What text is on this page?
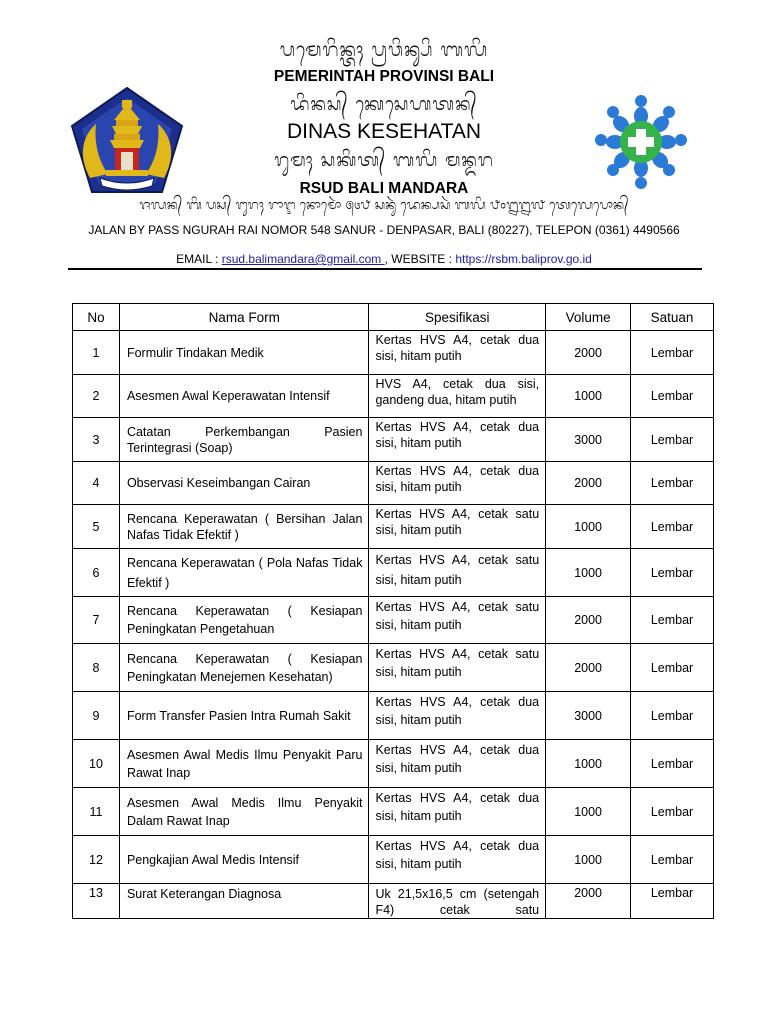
ᬧᬫᬾᬭᬶᬦ᭄ᬢᬄ ᬧ᭄ᬭᬯᬶᬦ᭄ᬲᬶ ᬩᬮᬶ
PEMERINTAH PROVINSI BALI
ᬤᬶᬦᬲ᭄ ᬓᬾᬲᬾᬳᬢᬦ᭄
DINAS KESEHATAN
ᬭᬸᬫᬄ ᬲᬓᬶᬢ᭄ ᬩᬮᬶ ᬫᬦ᭄ᬤᬭ
RSUD BALI MANDARA
ᬚᬮᬦ᭄ ᬩᬶ ᬧᬲ᭄ ᬗᬸᬭᬄ ᬭᬵᬇ ᬦᭀᬫᭀᬃ ᭕᭔᭘ ᬲᬦᬸᬃ ᬤᬾᬦ᭄ᬧᬲᬃ ᬩᬮᬶ ᭘᭐᭒᭒᭗ ᬢᬾᬮᬾᬧᭀᬦ᭄
JALAN BY PASS NGURAH RAI NOMOR 548 SANUR - DENPASAR, BALI (80227), TELEPON (0361) 4490566
EMAIL : rsud.balimandara@gmail.com , WEBSITE : https://rsbm.baliprov.go.id
No	Nama Form	Spesifikasi	Volume	Satuan
1	Formulir Tindakan Medik	Kertas HVS A4, cetak dua sisi, hitam putih	2000	Lembar
2	Asesmen Awal Keperawatan Intensif	HVS A4, cetak dua sisi, gandeng dua, hitam putih	1000	Lembar
3	Catatan Perkembangan Pasien Terintegrasi (Soap)	Kertas HVS A4, cetak dua sisi, hitam putih	3000	Lembar
4	Observasi Keseimbangan Cairan	Kertas HVS A4, cetak dua sisi, hitam putih	2000	Lembar
5	Rencana Keperawatan ( Bersihan Jalan Nafas Tidak Efektif )	Kertas HVS A4, cetak satu sisi, hitam putih	1000	Lembar
6	Rencana Keperawatan ( Pola Nafas Tidak Efektif )	Kertas HVS A4, cetak satu sisi, hitam putih	1000	Lembar
7	Rencana Keperawatan ( Kesiapan Peningkatan Pengetahuan	Kertas HVS A4, cetak satu sisi, hitam putih	2000	Lembar
8	Rencana Keperawatan ( Kesiapan Peningkatan Menejemen Kesehatan)	Kertas HVS A4, cetak satu sisi, hitam putih	2000	Lembar
9	Form Transfer Pasien Intra Rumah Sakit	Kertas HVS A4, cetak dua sisi, hitam putih	3000	Lembar
10	Asesmen Awal Medis Ilmu Penyakit Paru Rawat Inap	Kertas HVS A4, cetak dua sisi, hitam putih	1000	Lembar
11	Asesmen Awal Medis Ilmu Penyakit Dalam Rawat Inap	Kertas HVS A4, cetak dua sisi, hitam putih	1000	Lembar
12	Pengkajian Awal Medis Intensif	Kertas HVS A4, cetak dua sisi, hitam putih	1000	Lembar
13	Surat Keterangan Diagnosa	Uk 21,5x16,5 cm (setengah F4) cetak satu	2000	Lembar
